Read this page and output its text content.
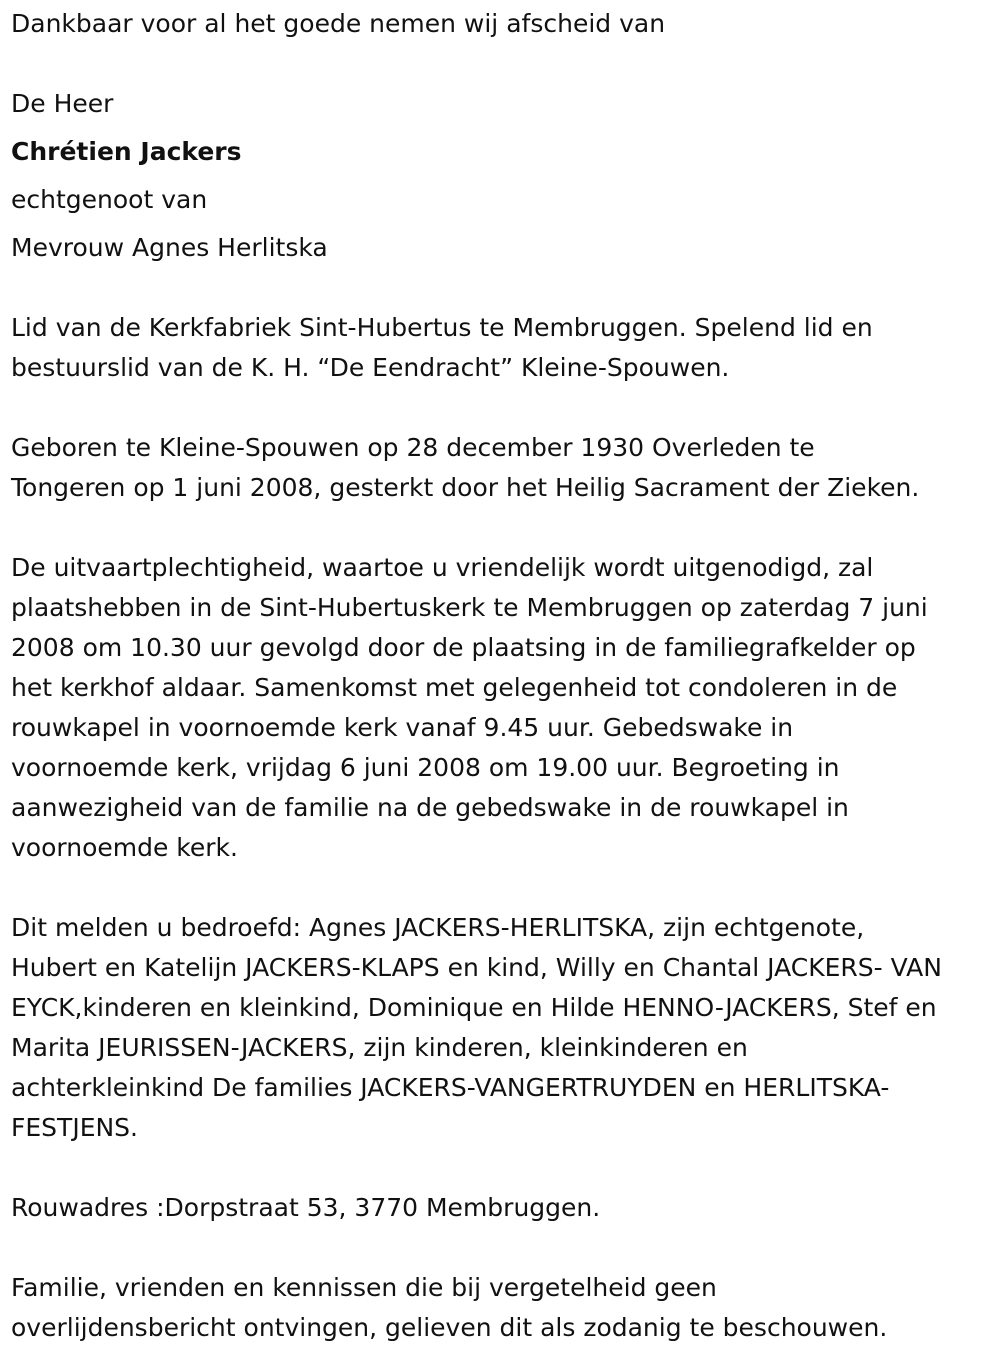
Dankbaar voor al het goede nemen wij afscheid van
De Heer
Chrétien Jackers
echtgenoot van
Mevrouw Agnes Herlitska
Lid van de Kerkfabriek Sint-Hubertus te Membruggen. Spelend lid en
bestuurslid van de K. H. “De Eendracht” Kleine-Spouwen.
Geboren te Kleine-Spouwen op 28 december 1930 Overleden te
Tongeren op 1 juni 2008, gesterkt door het Heilig Sacrament der Zieken.
De uitvaartplechtigheid, waartoe u vriendelijk wordt uitgenodigd, zal
plaatshebben in de Sint-Hubertuskerk te Membruggen op zaterdag 7 juni
2008 om 10.30 uur gevolgd door de plaatsing in de familiegrafkelder op
het kerkhof aldaar. Samenkomst met gelegenheid tot condoleren in de
rouwkapel in voornoemde kerk vanaf 9.45 uur. Gebedswake in
voornoemde kerk, vrijdag 6 juni 2008 om 19.00 uur. Begroeting in
aanwezigheid van de familie na de gebedswake in de rouwkapel in
voornoemde kerk.
Dit melden u bedroefd: Agnes JACKERS-HERLITSKA, zijn echtgenote,
Hubert en Katelijn JACKERS-KLAPS en kind, Willy en Chantal JACKERS- VAN
EYCK,kinderen en kleinkind, Dominique en Hilde HENNO-JACKERS, Stef en
Marita JEURISSEN-JACKERS, zijn kinderen, kleinkinderen en
achterkleinkind De families JACKERS-VANGERTRUYDEN en HERLITSKA-
FESTJENS.
Rouwadres :Dorpstraat 53, 3770 Membruggen.
Familie, vrienden en kennissen die bij vergetelheid geen
overlijdensbericht ontvingen, gelieven dit als zodanig te beschouwen.
